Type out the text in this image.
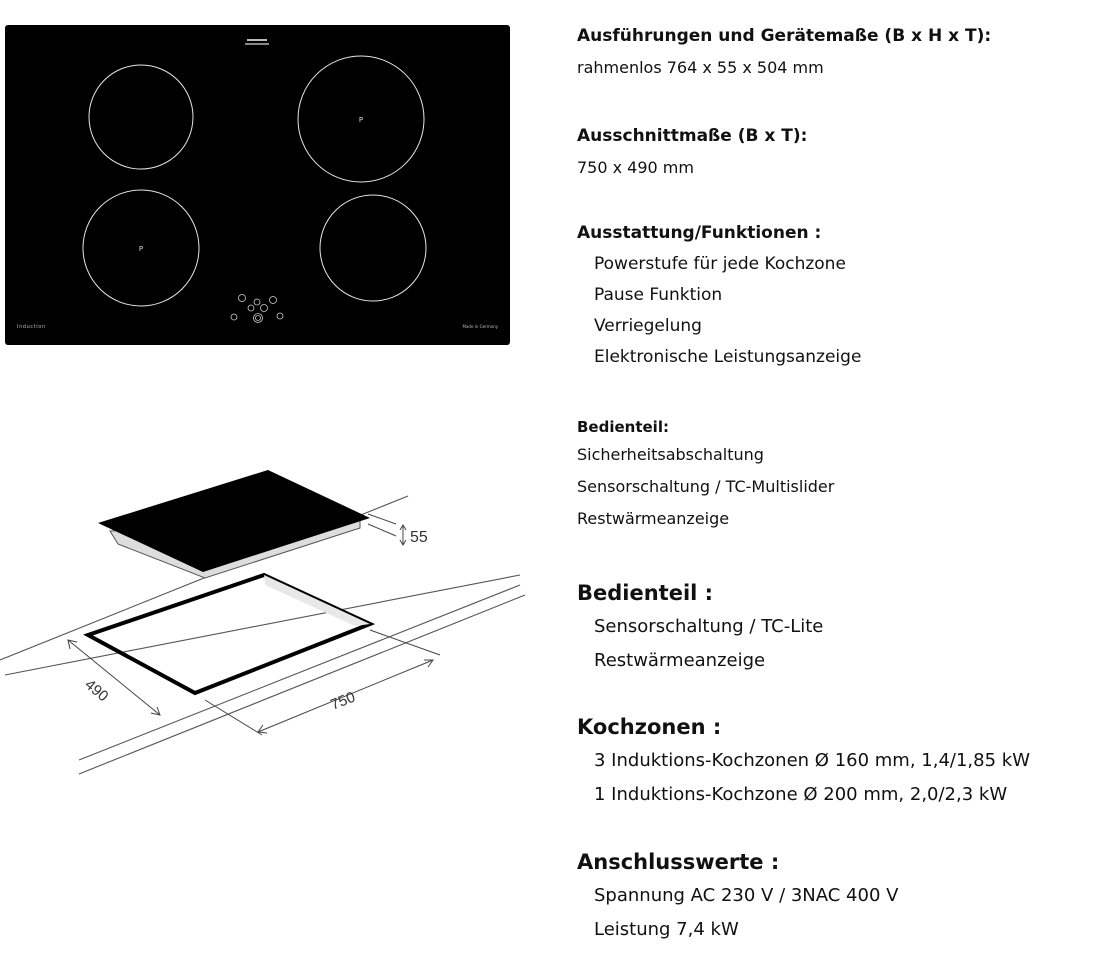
P
P
Induction	Made in Germany
55
490	750
Ausführungen und Gerätemaße (B x H x T):
rahmenlos 764 x 55 x 504 mm
Ausschnittmaße (B x T):
750 x 490 mm
Ausstattung/Funktionen :
Powerstufe für jede Kochzone
Pause Funktion
Verriegelung
Elektronische Leistungsanzeige
Bedienteil:
Sicherheitsabschaltung
Sensorschaltung / TC-Multislider
Restwärmeanzeige
Bedienteil :
Sensorschaltung / TC-Lite
Restwärmeanzeige
Kochzonen :
3 Induktions-Kochzonen Ø 160 mm, 1,4/1,85 kW
1 Induktions-Kochzone Ø 200 mm, 2,0/2,3 kW
Anschlusswerte :
Spannung AC 230 V / 3NAC 400 V
Leistung 7,4 kW
